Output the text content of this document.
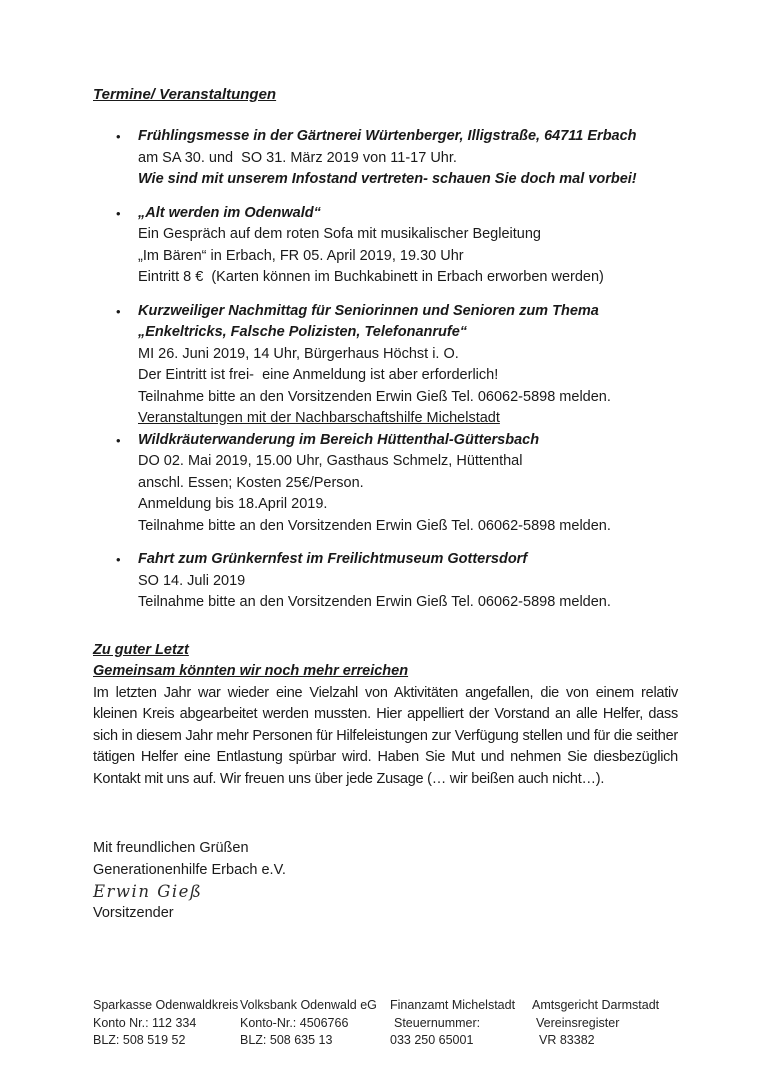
Termine/ Veranstaltungen
•
Frühlingsmesse in der Gärtnerei Würtenberger, Illigstraße, 64711 Erbach
am SA 30. und  SO 31. März 2019 von 11-17 Uhr.
Wie sind mit unserem Infostand vertreten- schauen Sie doch mal vorbei!
•
„Alt werden im Odenwald“
Ein Gespräch auf dem roten Sofa mit musikalischer Begleitung
„Im Bären“ in Erbach, FR 05. April 2019, 19.30 Uhr
Eintritt 8 €  (Karten können im Buchkabinett in Erbach erworben werden)
•
Kurzweiliger Nachmittag für Seniorinnen und Senioren zum Thema
„Enkeltricks, Falsche Polizisten, Telefonanrufe“
MI 26. Juni 2019, 14 Uhr, Bürgerhaus Höchst i. O.
Der Eintritt ist frei-  eine Anmeldung ist aber erforderlich!
Teilnahme bitte an den Vorsitzenden Erwin Gieß Tel. 06062-5898 melden.
Veranstaltungen mit der Nachbarschaftshilfe Michelstadt
•
Wildkräuterwanderung im Bereich Hüttenthal-Güttersbach
DO 02. Mai 2019, 15.00 Uhr, Gasthaus Schmelz, Hüttenthal
anschl. Essen; Kosten 25€/Person.
Anmeldung bis 18.April 2019.
Teilnahme bitte an den Vorsitzenden Erwin Gieß Tel. 06062-5898 melden.
•
Fahrt zum Grünkernfest im Freilichtmuseum Gottersdorf
SO 14. Juli 2019
Teilnahme bitte an den Vorsitzenden Erwin Gieß Tel. 06062-5898 melden.
Zu guter Letzt
Gemeinsam könnten wir noch mehr erreichen
Im letzten Jahr war wieder eine Vielzahl von Aktivitäten angefallen, die von einem relativ kleinen Kreis abgearbeitet werden mussten. Hier appelliert der Vorstand an alle Helfer, dass sich in diesem Jahr mehr Personen für Hilfeleistungen zur Verfügung stellen und für die seither tätigen Helfer eine Entlastung spürbar wird. Haben Sie Mut und nehmen Sie diesbezüglich Kontakt mit uns auf. Wir freuen uns über jede Zusage (… wir beißen auch nicht…).
Mit freundlichen Grüßen
Generationenhilfe Erbach e.V.
Erwin Gieß
Vorsitzender
Sparkasse Odenwaldkreis
Konto Nr.: 112 334
BLZ: 508 519 52
Volksbank Odenwald eG
Konto-Nr.: 4506766
BLZ: 508 635 13
Finanzamt Michelstadt
Steuernummer:
033 250 65001
Amtsgericht Darmstadt
Vereinsregister
VR 83382
